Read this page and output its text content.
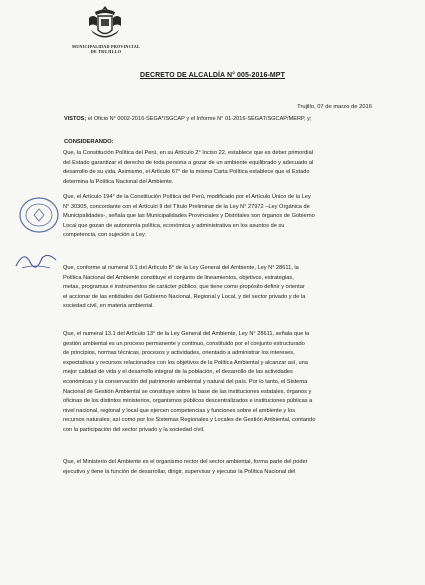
MUNICIPALIDAD PROVINCIAL
DE TRUJILLO
DECRETO DE ALCALDÍA N° 005-2016-MPT
Trujillo, 07 de marzo de 2016
VISTOS; el Oficio N° 0002-2016-SEGA*/SGCAP y el Informe N° 01-2016-SEGAT/SGCAP/MERP, y;
CONSIDERANDO:
Que, la Constitución Política del Perú, en su Artículo 2° Inciso 22, establece que es deber primordial
del Estado garantizar el derecho de toda persona a gozar de un ambiente equilibrado y adecuado al
desarrollo de su vida. Asimismo, el Artículo 67° de la misma Carta Política establece que el Estado
determina la Política Nacional del Ambiente.
Que, el Artículo 194° de la Constitución Política del Perú, modificado por el Artículo Único de la Ley
N° 30305, concordante con el Artículo II del Título Preliminar de la Ley N° 27972 –Ley Orgánica de
Municipalidades-, señala que las Municipalidades Provinciales y Distritales son órganos de Gobierno
Local que gozan de autonomía política, económica y administrativa en los asuntos de su
competencia, con sujeción a Ley.
Que, conforme al numeral 9.1 del Artículo 8° de la Ley General del Ambiente, Ley N° 28611, la
Política Nacional del Ambiente constituye el conjunto de lineamientos, objetivos, estrategias,
metas, programas e instrumentos de carácter público, que tiene como propósito definir y orientar
el accionar de las entidades del Gobierno Nacional, Regional y Local, y del sector privado y de la
sociedad civil, en materia ambiental.
Que, el numeral 13.1 del Artículo 13° de la Ley General del Ambiente, Ley N° 28611, señala que la
gestión ambiental es un proceso permanente y continuo, constituido por el conjunto estructurado
de principios, normas técnicas, procesos y actividades, orientado a administrar los intereses,
expectativas y recursos relacionados con los objetivos de la Política Ambiental y alcanzar así, una
mejor calidad de vida y el desarrollo integral de la población, el desarrollo de las actividades
económicas y la conservación del patrimonio ambiental y natural del país. Por lo tanto, el Sistema
Nacional de Gestión Ambiental se constituye sobre la base de las instituciones estatales, órganos y
oficinas de los distintos ministerios, organismos públicos descentralizados e instituciones públicas a
nivel nacional, regional y local que ejercen competencias y funciones sobre el ambiente y los
recursos naturales; así como por los Sistemas Regionales y Locales de Gestión Ambiental, contando
con la participación del sector privado y la sociedad civil.
Que, el Ministerio del Ambiente es el organismo rector del sector ambiental, forma parte del poder
ejecutivo y tiene la función de desarrollar, dirigir, supervisar y ejecutar la Política Nacional del
